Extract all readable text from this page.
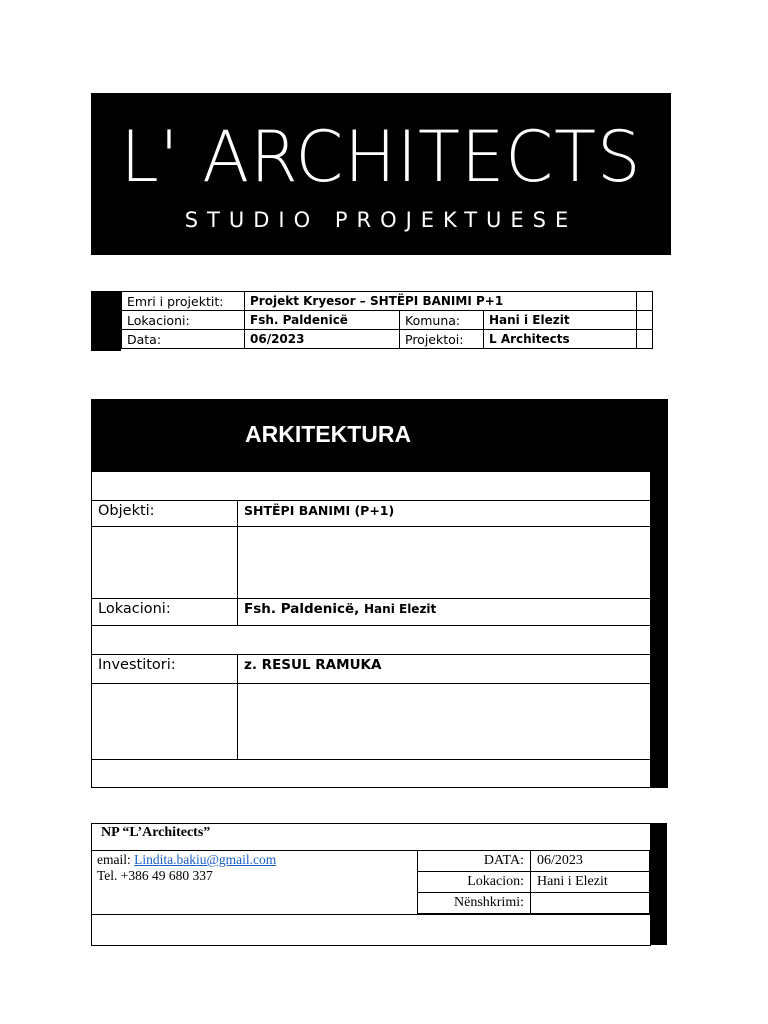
L' ARCHITECTS
STUDIO PROJEKTUESE
Emri i projektit:	Projekt Kryesor – SHTËPI BANIMI P+1			
Lokacioni:	Fsh. Paldenicë	Komuna:	Hani i Elezit	
Data:	06/2023	Projektoi:	L Architects	
ARKITEKTURA

Objekti:	SHTËPI BANIMI (P+1)

Lokacioni:	Fsh. Paldenicë, Hani Elezit

Investitori:	z. RESUL RAMUKA

NP “L’Architects”
email: Lindita.bakiu@gmail.com
Tel. +386 49 680 337
DATA:	06/2023
Lokacion:	Hani i Elezit
Nënshkrimi:	
